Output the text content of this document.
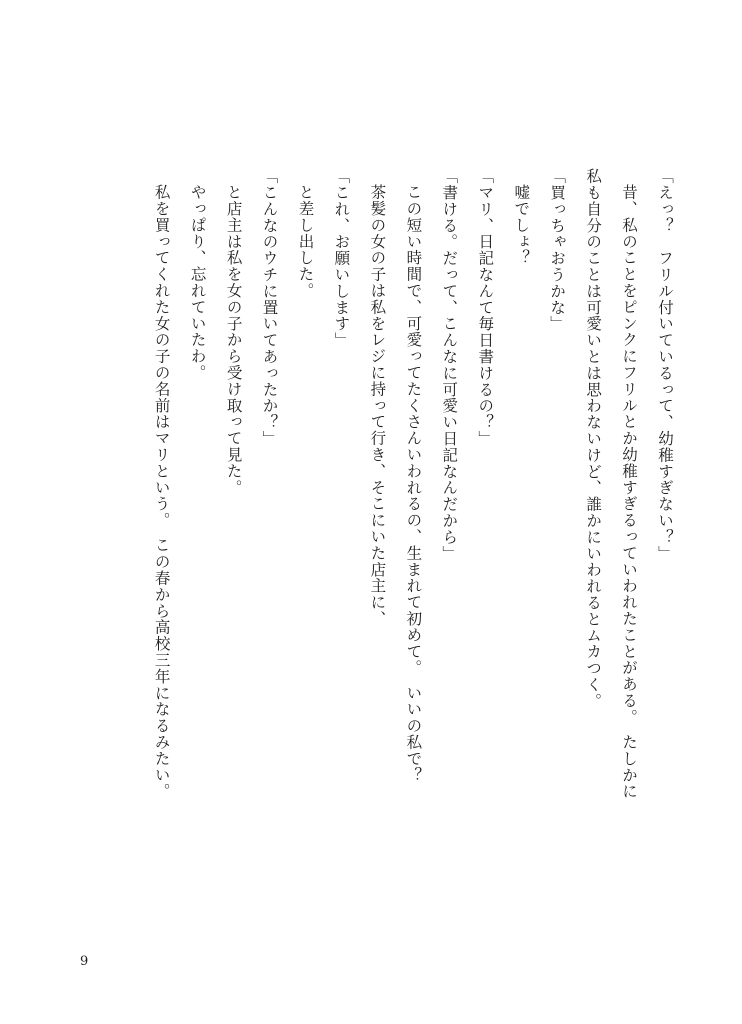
「えっ？　フリル付いているって、幼稚すぎない？」

昔、私のことをピンクにフリルとか幼稚すぎるっていわれたことがある。　たしかに

私も自分のことは可愛いとは思わないけど、誰かにいわれるとムカつく。

「買っちゃおうかな」

嘘でしょ？

「マリ、日記なんて毎日書けるの？」

「書ける。だって、こんなに可愛い日記なんだから」

この短い時間で、可愛ってたくさんいわれるの、生まれて初めて。　いいの私で？

茶髪の女の子は私をレジに持って行き、そこにいた店主に、

「これ、お願いします」

と差し出した。

「こんなのウチに置いてあったか？」

と店主は私を女の子から受け取って見た。

やっぱり、忘れていたわ。

私を買ってくれた女の子の名前はマリという。　この春から高校三年になるみたい。

9
